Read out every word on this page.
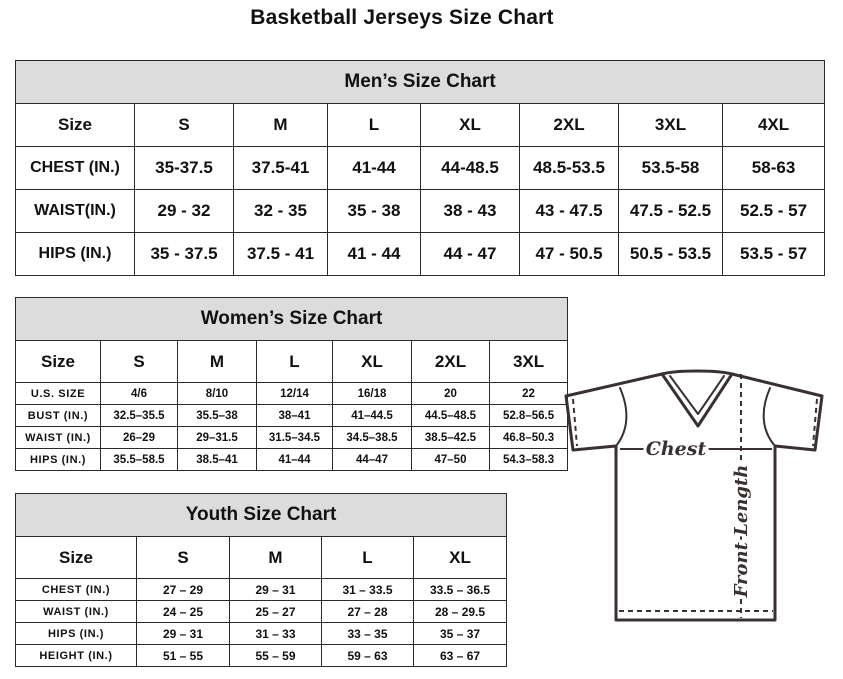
Basketball Jerseys Size Chart
Men’s Size Chart							
Size	S	M	L	XL	2XL	3XL	4XL
CHEST (IN.)	35-37.5	37.5-41	41-44	44-48.5	48.5-53.5	53.5-58	58-63
WAIST(IN.)	29 - 32	32 - 35	35 - 38	38 - 43	43 - 47.5	47.5 - 52.5	52.5 - 57
HIPS (IN.)	35 - 37.5	37.5 - 41	41 - 44	44 - 47	47 - 50.5	50.5 - 53.5	53.5 - 57
Women’s Size Chart						
Size	S	M	L	XL	2XL	3XL
U.S. SIZE	4/6	8/10	12/14	16/18	20	22
BUST (IN.)	32.5–35.5	35.5–38	38–41	41–44.5	44.5–48.5	52.8–56.5
WAIST (IN.)	26–29	29–31.5	31.5–34.5	34.5–38.5	38.5–42.5	46.8–50.3
HIPS (IN.)	35.5–58.5	38.5–41	41–44	44–47	47–50	54.3–58.3
Youth Size Chart				
Size	S	M	L	XL
CHEST (IN.)	27 – 29	29 – 31	31 – 33.5	33.5 – 36.5
WAIST (IN.)	24 – 25	25 – 27	27 – 28	28 – 29.5
HIPS (IN.)	29 – 31	31 – 33	33 – 35	35 – 37
HEIGHT (IN.)	51 – 55	55 – 59	59 – 63	63 – 67
Chest
Front Length
